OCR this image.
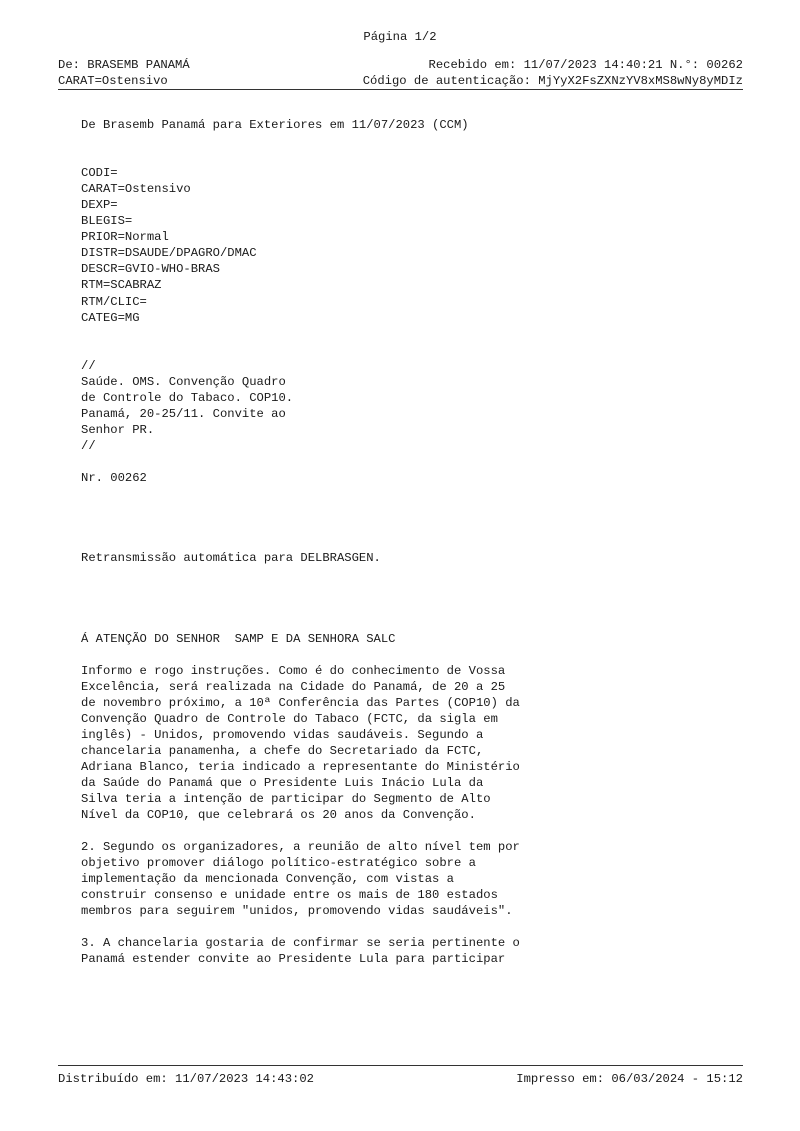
Página 1/2
De: BRASEMB PANAMÁ	Recebido em: 11/07/2023 14:40:21 N.°: 00262
CARAT=Ostensivo	Código de autenticação: MjYyX2FsZXNzYV8xMS8wNy8yMDIz
De Brasemb Panamá para Exteriores em 11/07/2023 (CCM)
CODI=
CARAT=Ostensivo
DEXP=
BLEGIS=
PRIOR=Normal
DISTR=DSAUDE/DPAGRO/DMAC
DESCR=GVIO-WHO-BRAS
RTM=SCABRAZ
RTM/CLIC=
CATEG=MG
//
Saúde. OMS. Convenção Quadro
de Controle do Tabaco. COP10.
Panamá, 20-25/11. Convite ao
Senhor PR.
//
Nr. 00262
Retransmissão automática para DELBRASGEN.
Á ATENÇÃO DO SENHOR  SAMP E DA SENHORA SALC
Informo e rogo instruções. Como é do conhecimento de Vossa
Excelência, será realizada na Cidade do Panamá, de 20 a 25
de novembro próximo, a 10ª Conferência das Partes (COP10) da
Convenção Quadro de Controle do Tabaco (FCTC, da sigla em
inglês) - Unidos, promovendo vidas saudáveis. Segundo a
chancelaria panamenha, a chefe do Secretariado da FCTC,
Adriana Blanco, teria indicado a representante do Ministério
da Saúde do Panamá que o Presidente Luis Inácio Lula da
Silva teria a intenção de participar do Segmento de Alto
Nível da COP10, que celebrará os 20 anos da Convenção.
2. Segundo os organizadores, a reunião de alto nível tem por
objetivo promover diálogo político-estratégico sobre a
implementação da mencionada Convenção, com vistas a
construir consenso e unidade entre os mais de 180 estados
membros para seguirem "unidos, promovendo vidas saudáveis".
3. A chancelaria gostaria de confirmar se seria pertinente o
Panamá estender convite ao Presidente Lula para participar
Distribuído em: 11/07/2023 14:43:02	Impresso em: 06/03/2024 - 15:12
